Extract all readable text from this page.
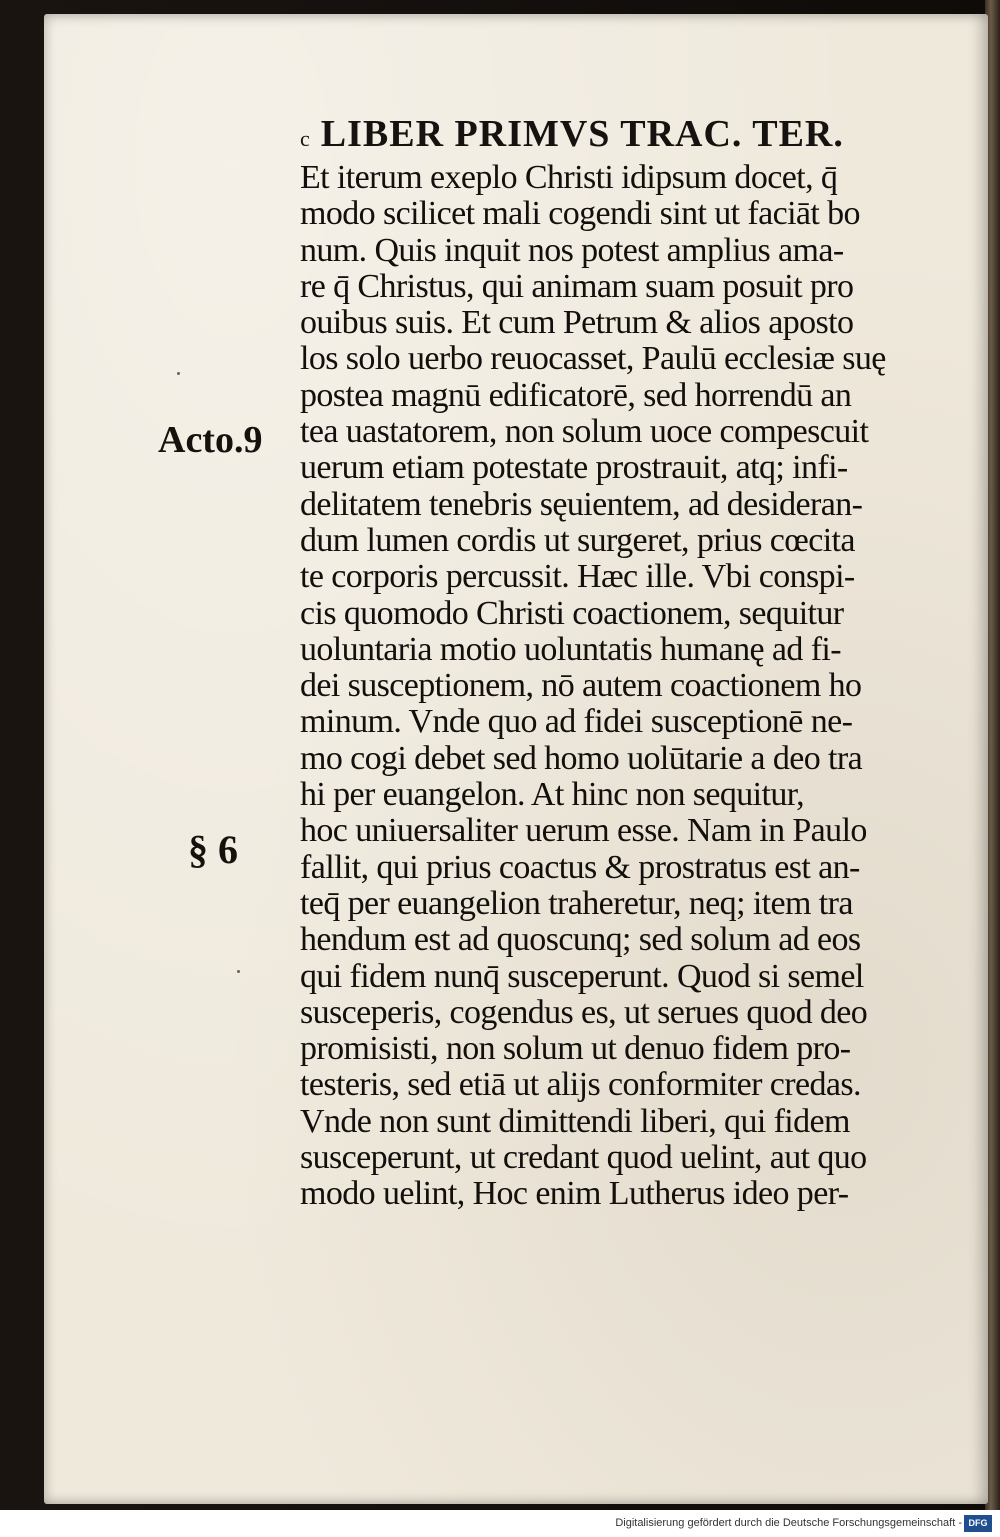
c LIBER PRIMVS TRAC. TER.
Acto.9
§ 6
Et iterum exeplo Christi idipsum docet, q̄
modo scilicet mali cogendi sint ut faciāt bo
num. Quis inquit nos potest amplius ama-
re q̄ Christus, qui animam suam posuit pro
ouibus suis. Et cum Petrum & alios aposto
los solo uerbo reuocasset, Paulū ecclesiæ suę
postea magnū edificatorē, sed horrendū an
tea uastatorem, non solum uoce compescuit
uerum etiam potestate prostrauit, atq; infi-
delitatem tenebris sęuientem, ad desideran-
dum lumen cordis ut surgeret, prius cœcita
te corporis percussit. Hæc ille. Vbi conspi-
cis quomodo Christi coactionem, sequitur
uoluntaria motio uoluntatis humanę ad fi-
dei susceptionem, nō autem coactionem ho
minum. Vnde quo ad fidei susceptionē ne-
mo cogi debet sed homo uolūtarie a deo tra
hi per euangelon. At hinc non sequitur,
hoc uniuersaliter uerum esse. Nam in Paulo
fallit, qui prius coactus & prostratus est an-
teq̄ per euangelion traheretur, neq; item tra
hendum est ad quoscunq; sed solum ad eos
qui fidem nunq̄ susceperunt. Quod si semel
susceperis, cogendus es, ut serues quod deo
promisisti, non solum ut denuo fidem pro-
testeris, sed etiā ut alijs conformiter credas.
Vnde non sunt dimittendi liberi, qui fidem
susceperunt, ut credant quod uelint, aut quo
modo uelint, Hoc enim Lutherus ideo per-
Digitalisierung gefördert durch die Deutsche Forschungsgemeinschaft - DFG
